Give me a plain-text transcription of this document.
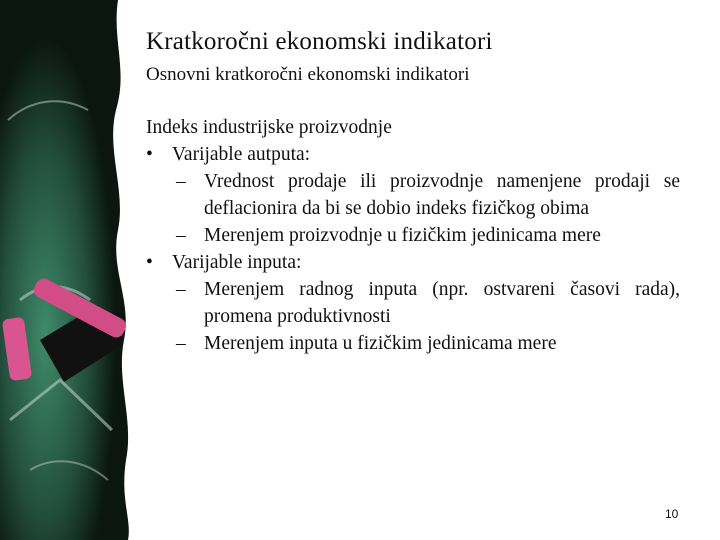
Kratkoročni ekonomski indikatori
Osnovni kratkoročni ekonomski indikatori
Indeks industrijske proizvodnje
• Varijable autputa:
– Vrednost prodaje ili proizvodnje namenjene prodaji se deflacionira da bi se dobio indeks fizičkog obima
– Merenjem proizvodnje u fizičkim jedinicama mere
• Varijable inputa:
– Merenjem radnog inputa (npr. ostvareni časovi rada), promena produktivnosti
– Merenjem inputa u fizičkim jedinicama mere
10
